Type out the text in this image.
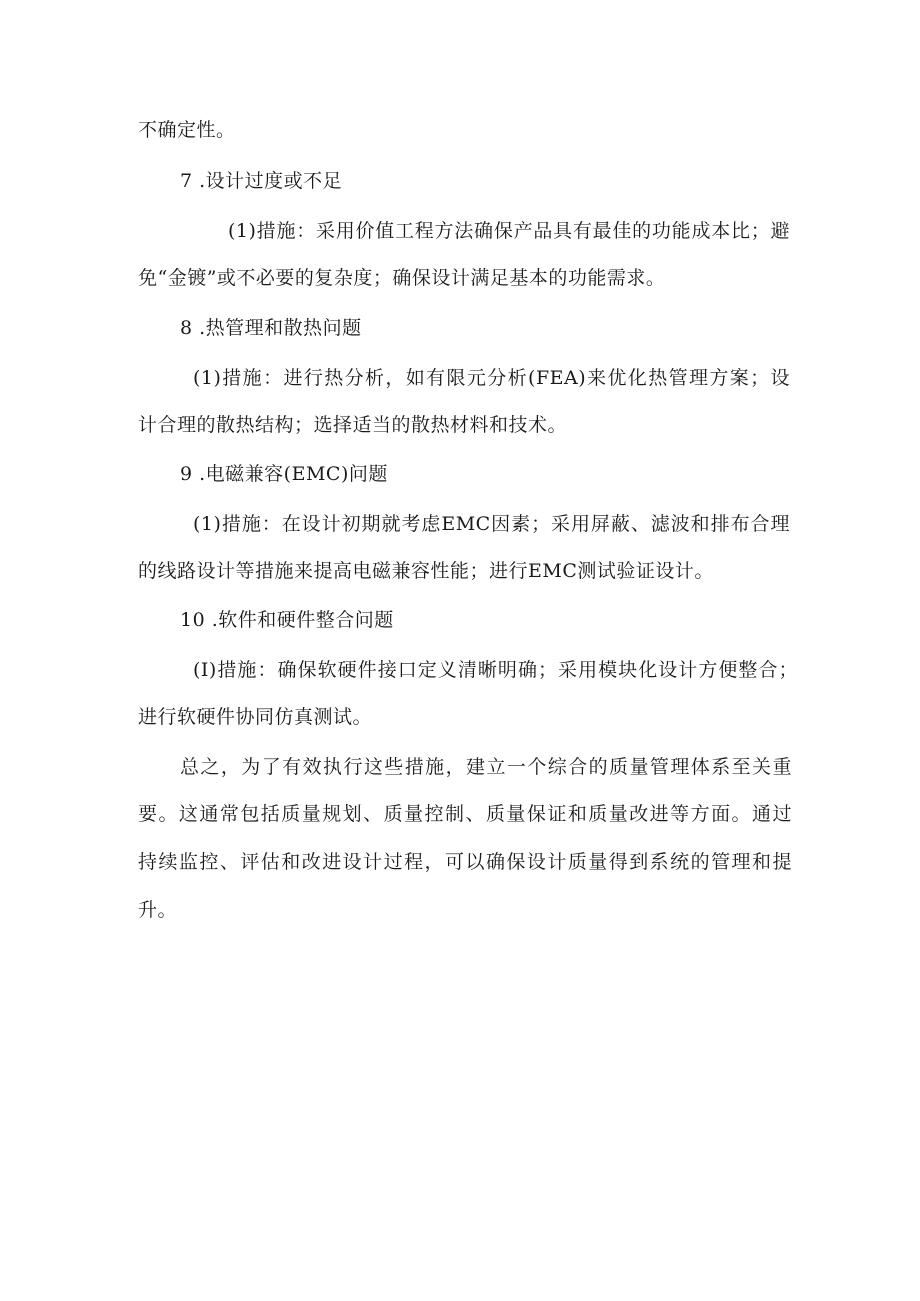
不确定性。
7 .设计过度或不足
(1)措施：采用价值工程方法确保产品具有最佳的功能成本比；避
免“金镀”或不必要的复杂度；确保设计满足基本的功能需求。
8 .热管理和散热问题
(1)措施：进行热分析，如有限元分析(FEA)来优化热管理方案；设
计合理的散热结构；选择适当的散热材料和技术。
9 .电磁兼容(EMC)问题
(1)措施：在设计初期就考虑EMC因素；采用屏蔽、滤波和排布合理
的线路设计等措施来提高电磁兼容性能；进行EMC测试验证设计。
10 .软件和硬件整合问题
(I)措施：确保软硬件接口定义清晰明确；采用模块化设计方便整合；
进行软硬件协同仿真测试。
总之，为了有效执行这些措施，建立一个综合的质量管理体系至关重
要。这通常包括质量规划、质量控制、质量保证和质量改进等方面。通过
持续监控、评估和改进设计过程，可以确保设计质量得到系统的管理和提
升。
